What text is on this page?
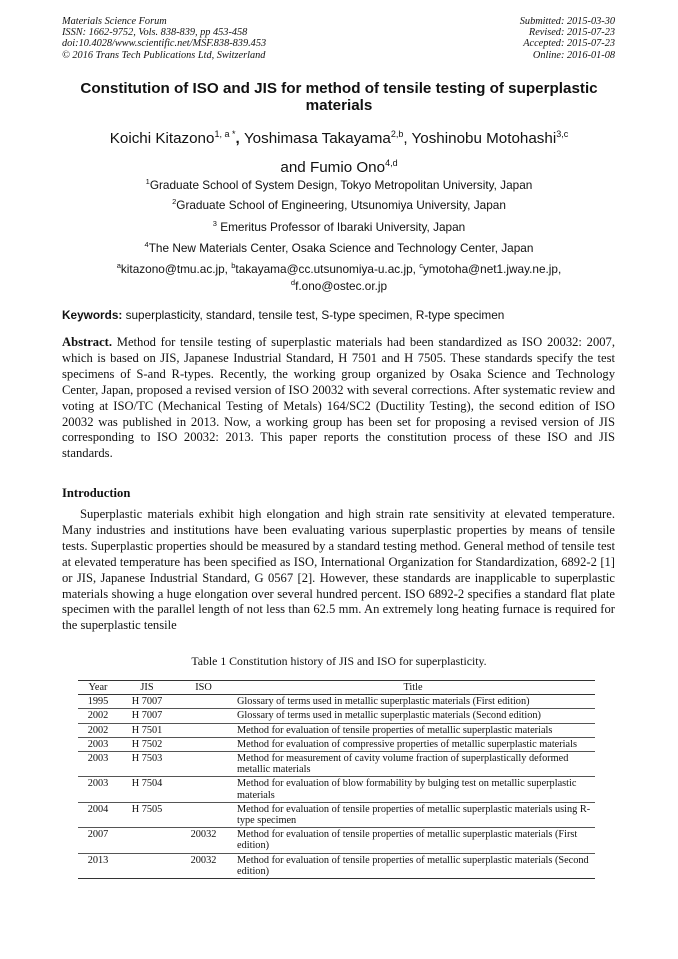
Materials Science Forum
ISSN: 1662-9752, Vols. 838-839, pp 453-458
doi:10.4028/www.scientific.net/MSF.838-839.453
© 2016 Trans Tech Publications Ltd, Switzerland
Submitted: 2015-03-30
Revised: 2015-07-23
Accepted: 2015-07-23
Online: 2016-01-08
Constitution of ISO and JIS for method of tensile testing of superplastic materials
Koichi Kitazono$^{1, a *}$, Yoshimasa Takayama$^{2,b}$, Yoshinobu Motohashi$^{3,c}$
and Fumio Ono$^{4,d}$
$^1$Graduate School of System Design, Tokyo Metropolitan University, Japan
$^2$Graduate School of Engineering, Utsunomiya University, Japan
$^3$ Emeritus Professor of Ibaraki University, Japan
$^4$The New Materials Center, Osaka Science and Technology Center, Japan
$^a$kitazono@tmu.ac.jp, $^b$takayama@cc.utsunomiya-u.ac.jp, $^c$ymotoha@net1.jway.ne.jp,
$^d$f.ono@ostec.or.jp
Keywords: superplasticity, standard, tensile test, S-type specimen, R-type specimen
Abstract. Method for tensile testing of superplastic materials had been standardized as ISO 20032: 2007, which is based on JIS, Japanese Industrial Standard, H 7501 and H 7505. These standards specify the test specimens of S-and R-types. Recently, the working group organized by Osaka Science and Technology Center, Japan, proposed a revised version of ISO 20032 with several corrections. After systematic review and voting at ISO/TC (Mechanical Testing of Metals) 164/SC2 (Ductility Testing), the second edition of ISO 20032 was published in 2013. Now, a working group has been set for proposing a revised version of JIS corresponding to ISO 20032: 2013. This paper reports the constitution process of these ISO and JIS standards.
Introduction
Superplastic materials exhibit high elongation and high strain rate sensitivity at elevated temperature. Many industries and institutions have been evaluating various superplastic properties by means of tensile tests. Superplastic properties should be measured by a standard testing method. General method of tensile test at elevated temperature has been specified as ISO, International Organization for Standardization, 6892-2 [1] or JIS, Japanese Industrial Standard, G 0567 [2]. However, these standards are inapplicable to superplastic materials showing a huge elongation over several hundred percent. ISO 6892-2 specifies a standard flat plate specimen with the parallel length of not less than 62.5 mm. An extremely long heating furnace is required for the superplastic tensile
Table 1 Constitution history of JIS and ISO for superplasticity.
Year	JIS	ISO	Title
1995	H 7007		Glossary of terms used in metallic superplastic materials (First edition)
2002	H 7007		Glossary of terms used in metallic superplastic materials (Second edition)
2002	H 7501		Method for evaluation of tensile properties of metallic superplastic materials
2003	H 7502		Method for evaluation of compressive properties of metallic superplastic materials
2003	H 7503		Method for measurement of cavity volume fraction of superplastically deformed metallic materials
2003	H 7504		Method for evaluation of blow formability by bulging test on metallic superplastic materials
2004	H 7505		Method for evaluation of tensile properties of metallic superplastic materials using R-type specimen
2007		20032	Method for evaluation of tensile properties of metallic superplastic materials (First edition)
2013		20032	Method for evaluation of tensile properties of metallic superplastic materials (Second edition)
